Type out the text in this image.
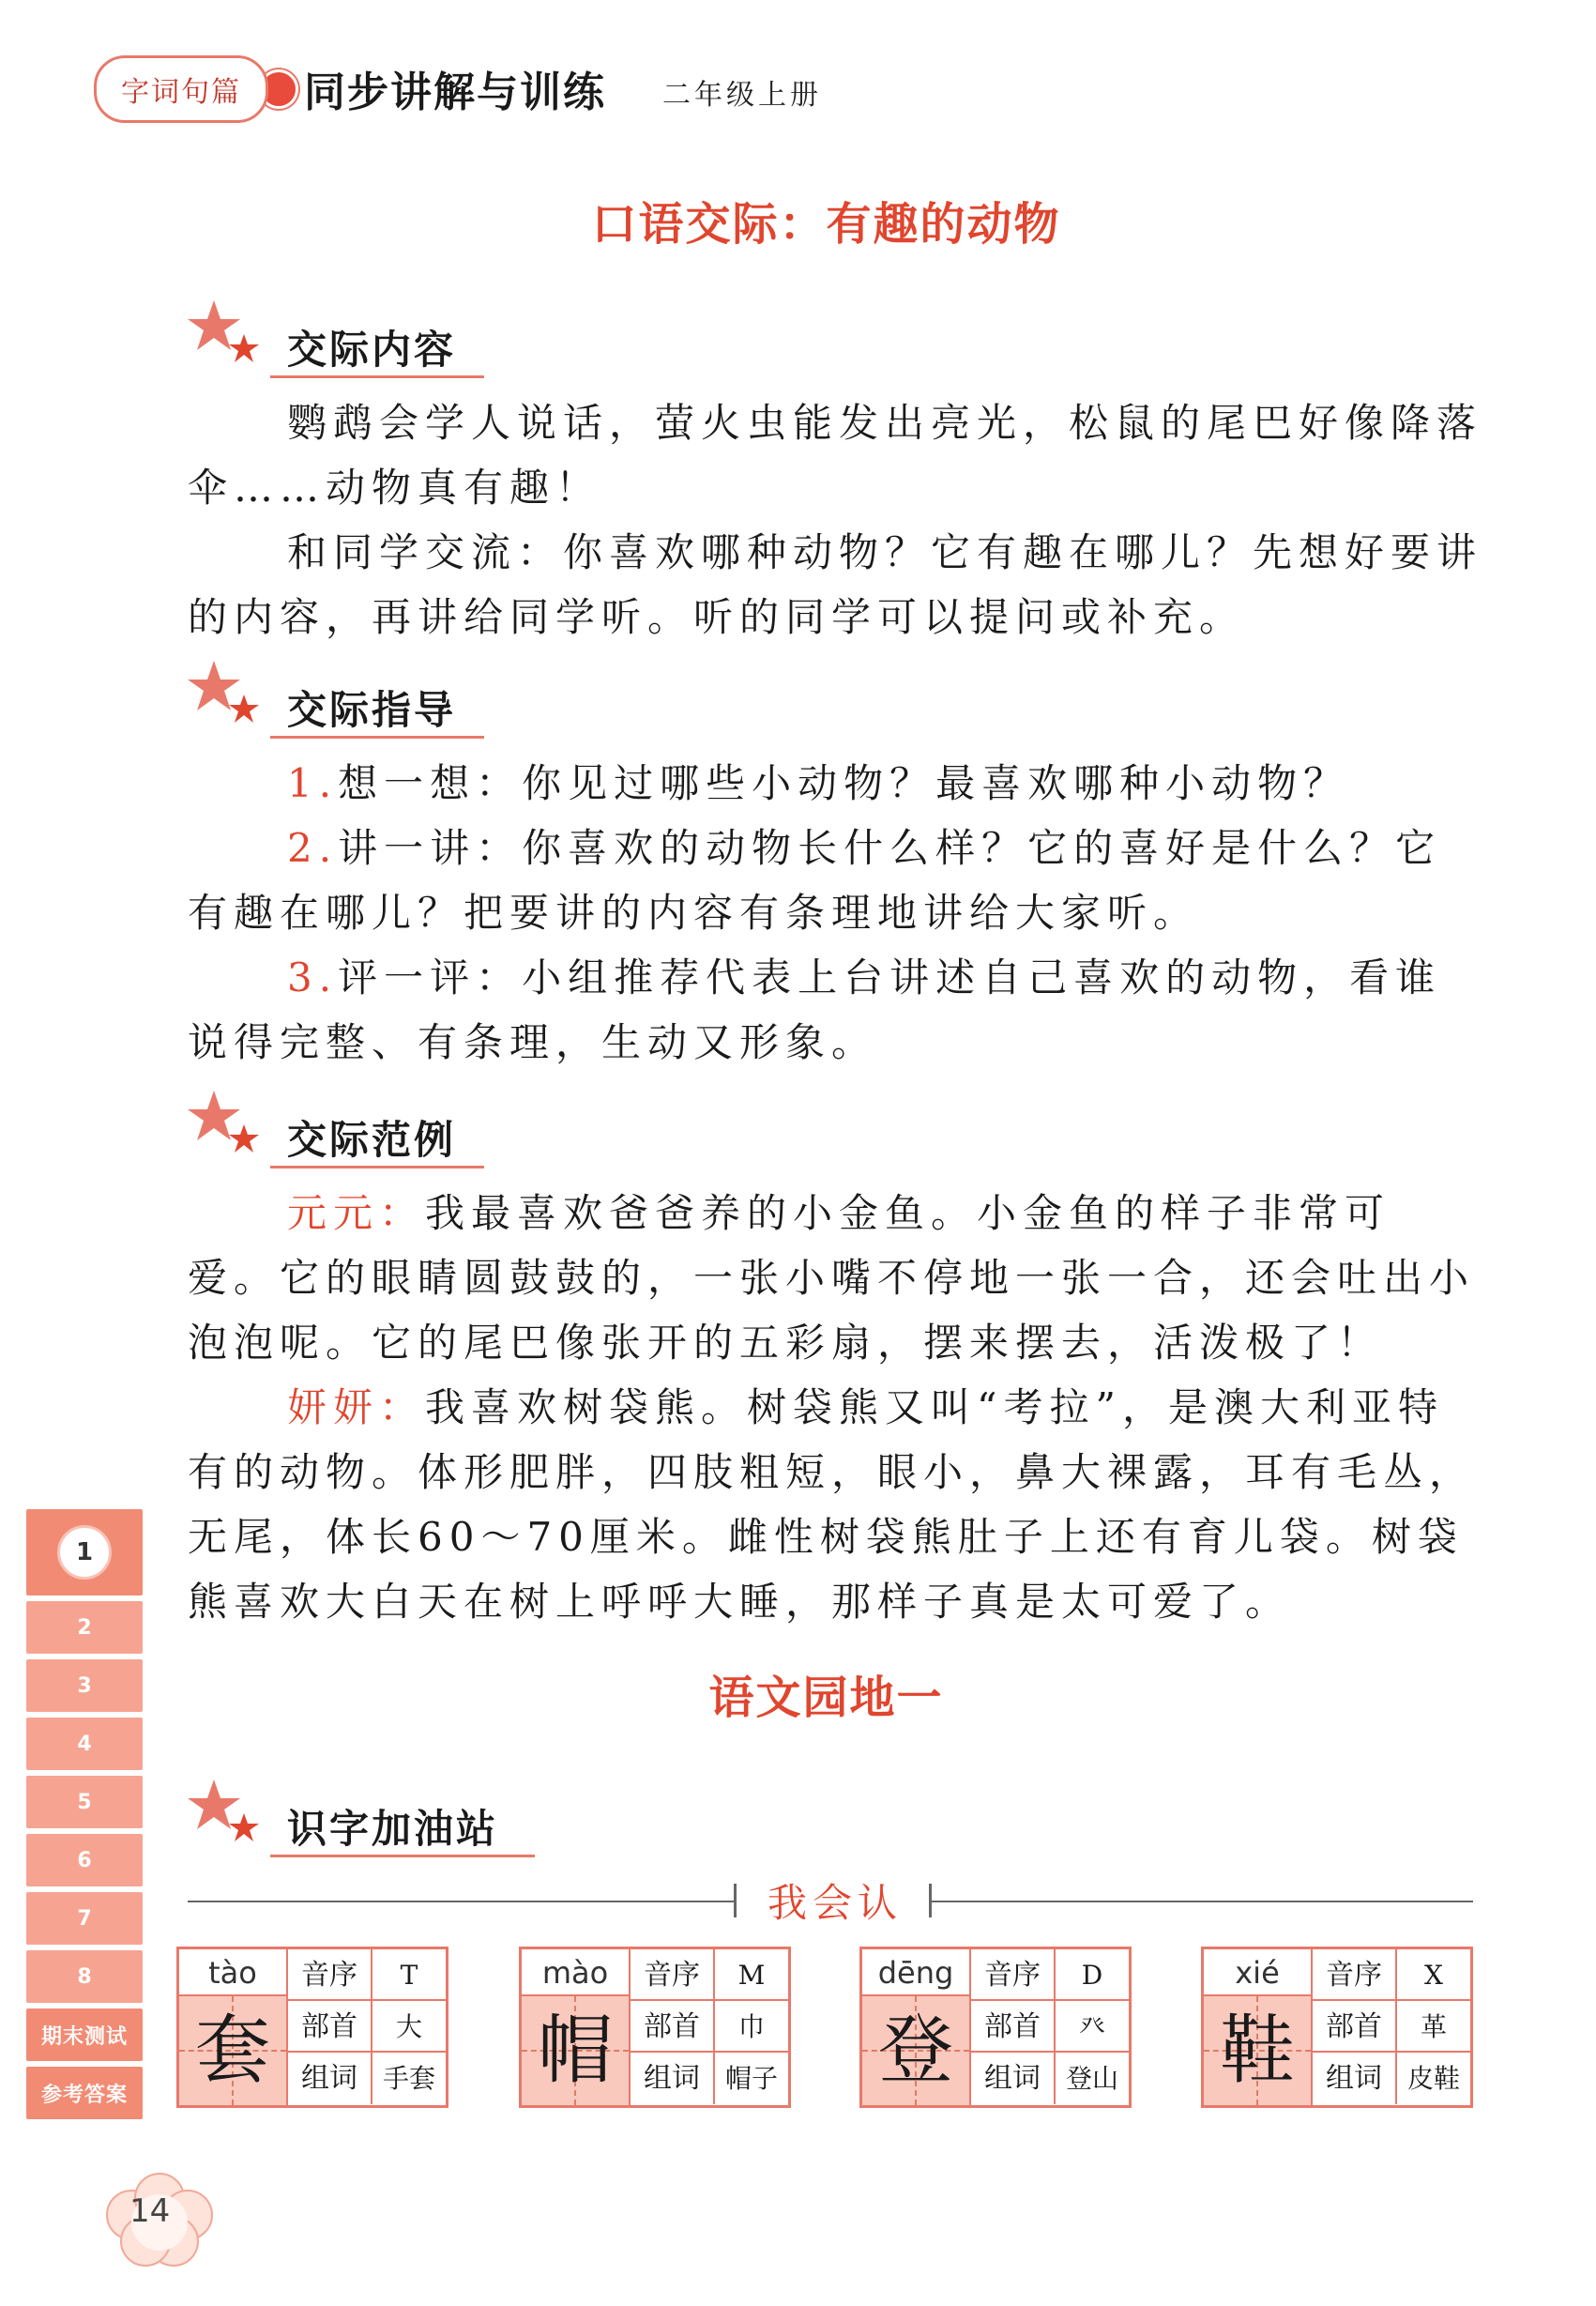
字词句篇	同步讲解与训练 二年级上册
口语交际：有趣的动物
交际内容
鹦鹉会学人说话，萤火虫能发出亮光，松鼠的尾巴好像降落伞……动物真有趣！
和同学交流：你喜欢哪种动物？它有趣在哪儿？先想好要讲的内容，再讲给同学听。听的同学可以提问或补充。
交际指导
1.想一想：你见过哪些小动物？最喜欢哪种小动物？
2.讲一讲：你喜欢的动物长什么样？它的喜好是什么？它有趣在哪儿？把要讲的内容有条理地讲给大家听。
3.评一评：小组推荐代表上台讲述自己喜欢的动物，看谁说得完整、有条理，生动又形象。
交际范例
元元：我最喜欢爸爸养的小金鱼。小金鱼的样子非常可爱。它的眼睛圆鼓鼓的，一张小嘴不停地一张一合，还会吐出小泡泡呢。它的尾巴像张开的五彩扇，摆来摆去，活泼极了！
妍妍：我喜欢树袋熊。树袋熊又叫“考拉”，是澳大利亚特有的动物。体形肥胖，四肢粗短，眼小，鼻大裸露，耳有毛丛，无尾，体长60～70厘米。雌性树袋熊肚子上还有育儿袋。树袋熊喜欢大白天在树上呼呼大睡，那样子真是太可爱了。
语文园地一
识字加油站
我会认
tào
套
音序	T
部首	大
组词 手套
mào
帽
音序	M
部首	巾
组词 帽子
dēng
登
音序	D
部首	癶
组词 登山
xié
鞋
音序	X
部首	革
组词 皮鞋
1
2
3
4
5
6
7
8
期末测试
参考答案
14
